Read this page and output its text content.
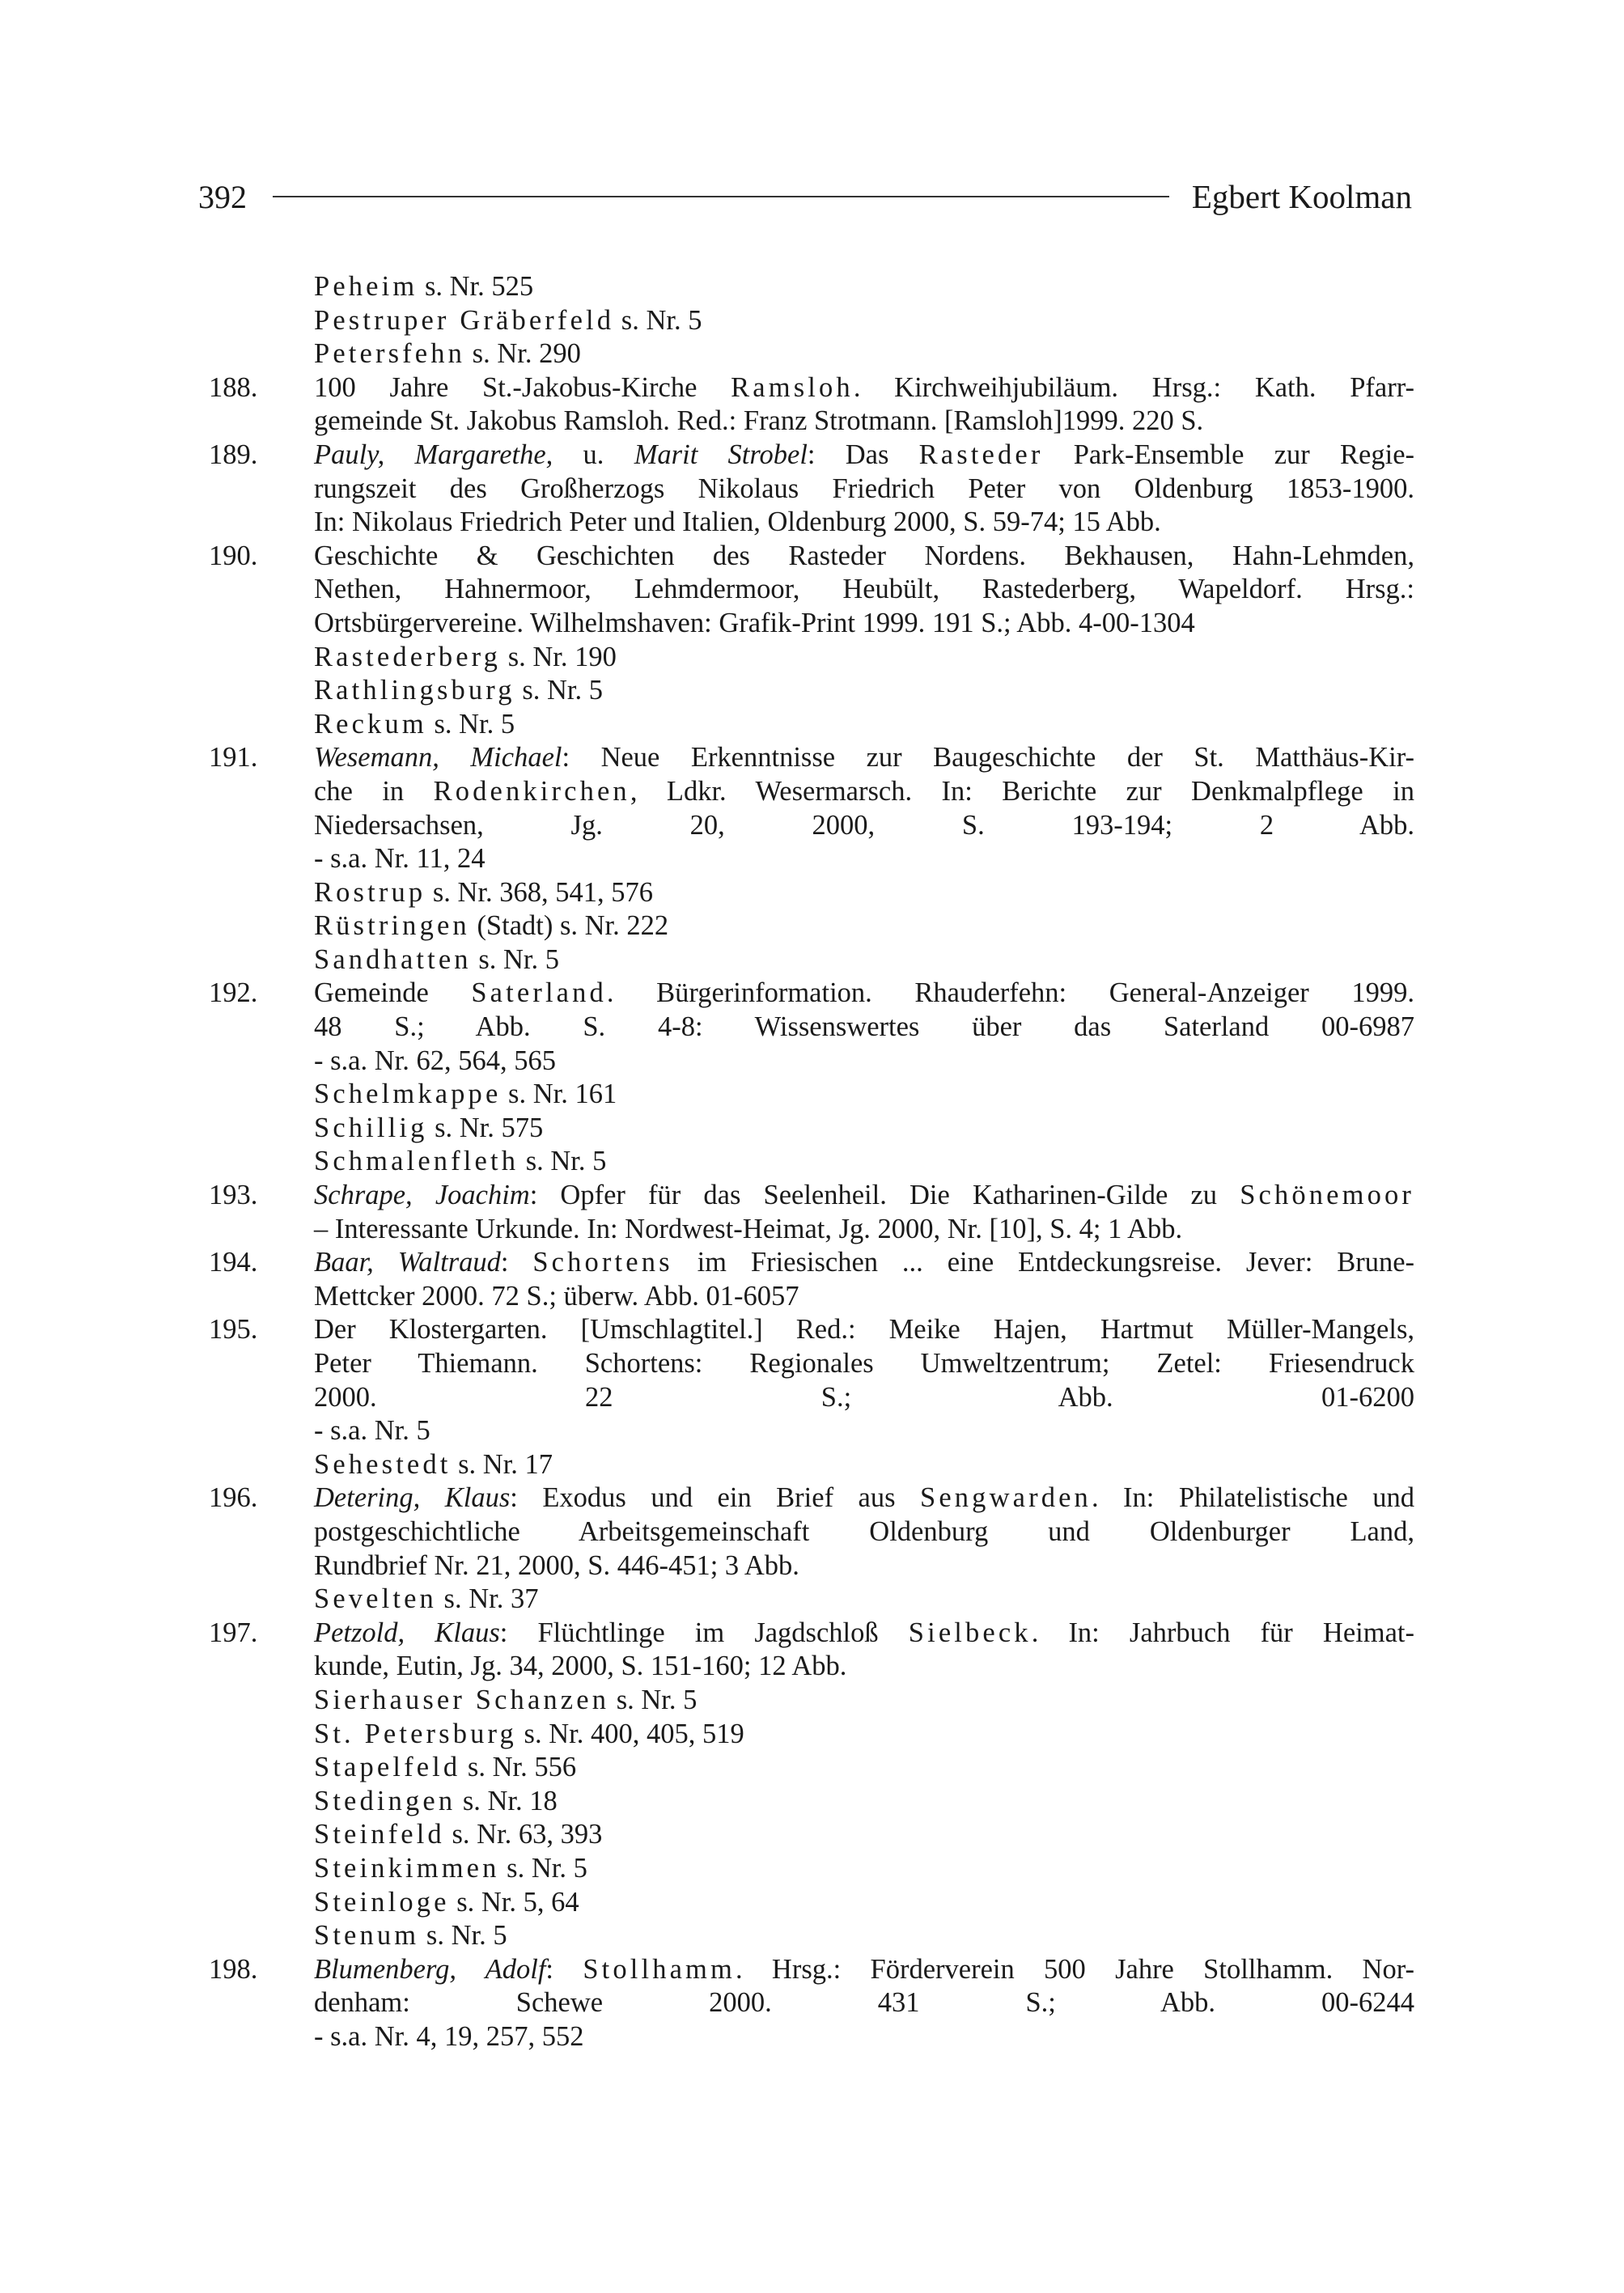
392	Egbert Koolman
Peheim s. Nr. 525
Pestruper Gräberfeld s. Nr. 5
Petersfehn s. Nr. 290
188.	100 Jahre St.-Jakobus-Kirche Ramsloh. Kirchweihjubiläum. Hrsg.: Kath. Pfarr-
gemeinde St. Jakobus Ramsloh. Red.: Franz Strotmann. [Ramsloh]1999. 220 S.
189.	Pauly, Margarethe, u. Marit Strobel: Das Rasteder Park-Ensemble zur Regie-
rungszeit des Großherzogs Nikolaus Friedrich Peter von Oldenburg 1853-1900.
In: Nikolaus Friedrich Peter und Italien, Oldenburg 2000, S. 59-74; 15 Abb.
190.	Geschichte & Geschichten des Rasteder Nordens. Bekhausen, Hahn-Lehmden,
Nethen, Hahnermoor, Lehmdermoor, Heubült, Rastederberg, Wapeldorf. Hrsg.:
Ortsbürgervereine. Wilhelmshaven: Grafik-Print 1999. 191 S.; Abb. 4-00-1304
Rastederberg s. Nr. 190
Rathlingsburg s. Nr. 5
Reckum s. Nr. 5
191.	Wesemann, Michael: Neue Erkenntnisse zur Baugeschichte der St. Matthäus-Kir-
che in Rodenkirchen, Ldkr. Wesermarsch. In: Berichte zur Denkmalpflege in
Niedersachsen, Jg. 20, 2000, S. 193-194; 2 Abb.
- s.a. Nr. 11, 24
Rostrup s. Nr. 368, 541, 576
Rüstringen (Stadt) s. Nr. 222
Sandhatten s. Nr. 5
192.	Gemeinde Saterland. Bürgerinformation. Rhauderfehn: General-Anzeiger 1999.
48 S.; Abb. S. 4-8: Wissenswertes über das Saterland 00-6987
- s.a. Nr. 62, 564, 565
Schelmkappe s. Nr. 161
Schillig s. Nr. 575
Schmalenfleth s. Nr. 5
193.	Schrape, Joachim: Opfer für das Seelenheil. Die Katharinen-Gilde zu Schönemoor
– Interessante Urkunde. In: Nordwest-Heimat, Jg. 2000, Nr. [10], S. 4; 1 Abb.
194.	Baar, Waltraud: Schortens im Friesischen ... eine Entdeckungsreise. Jever: Brune-
Mettcker 2000. 72 S.; überw. Abb. 01-6057
195.	Der Klostergarten. [Umschlagtitel.] Red.: Meike Hajen, Hartmut Müller-Mangels,
Peter Thiemann. Schortens: Regionales Umweltzentrum; Zetel: Friesendruck
2000. 22 S.; Abb. 01-6200
- s.a. Nr. 5
Sehestedt s. Nr. 17
196.	Detering, Klaus: Exodus und ein Brief aus Sengwarden. In: Philatelistische und
postgeschichtliche Arbeitsgemeinschaft Oldenburg und Oldenburger Land,
Rundbrief Nr. 21, 2000, S. 446-451; 3 Abb.
Sevelten s. Nr. 37
197.	Petzold, Klaus: Flüchtlinge im Jagdschloß Sielbeck. In: Jahrbuch für Heimat-
kunde, Eutin, Jg. 34, 2000, S. 151-160; 12 Abb.
Sierhauser Schanzen s. Nr. 5
St. Petersburg s. Nr. 400, 405, 519
Stapelfeld s. Nr. 556
Stedingen s. Nr. 18
Steinfeld s. Nr. 63, 393
Steinkimmen s. Nr. 5
Steinloge s. Nr. 5, 64
Stenum s. Nr. 5
198.	Blumenberg, Adolf: Stollhamm. Hrsg.: Förderverein 500 Jahre Stollhamm. Nor-
denham: Schewe 2000. 431 S.; Abb. 00-6244
- s.a. Nr. 4, 19, 257, 552
